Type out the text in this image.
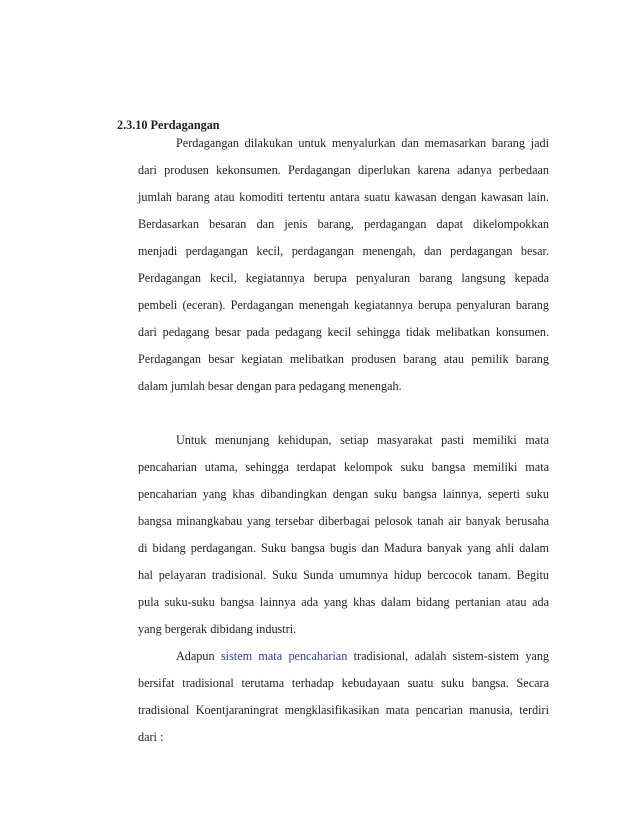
2.3.10 Perdagangan
Perdagangan dilakukan untuk menyalurkan dan memasarkan barang jadi
dari produsen kekonsumen. Perdagangan diperlukan karena adanya perbedaan
jumlah barang atau komoditi tertentu antara suatu kawasan dengan kawasan lain.
Berdasarkan besaran dan jenis barang, perdagangan dapat dikelompokkan
menjadi perdagangan kecil, perdagangan menengah, dan perdagangan besar.
Perdagangan kecil, kegiatannya berupa penyaluran barang langsung kepada
pembeli (eceran). Perdagangan menengah kegiatannya berupa penyaluran barang
dari pedagang besar pada pedagang kecil sehingga tidak melibatkan konsumen.
Perdagangan besar kegiatan melibatkan produsen barang atau pemilik barang
dalam jumlah besar dengan para pedagang menengah.
Untuk menunjang kehidupan, setiap masyarakat pasti memiliki mata
pencaharian utama, sehingga terdapat kelompok suku bangsa memiliki mata
pencaharian yang khas dibandingkan dengan suku bangsa lainnya, seperti suku
bangsa minangkabau yang tersebar diberbagai pelosok tanah air banyak berusaha
di bidang perdagangan. Suku bangsa bugis dan Madura banyak yang ahli dalam
hal pelayaran tradisional. Suku Sunda umumnya hidup bercocok tanam. Begitu
pula suku-suku bangsa lainnya ada yang khas dalam bidang pertanian atau ada
yang bergerak dibidang industri.
Adapun sistem mata pencaharian tradisional, adalah sistem-sistem yang
bersifat tradisional terutama terhadap kebudayaan suatu suku bangsa. Secara
tradisional Koentjaraningrat mengklasifikasikan mata pencarian manusia, terdiri
dari :
